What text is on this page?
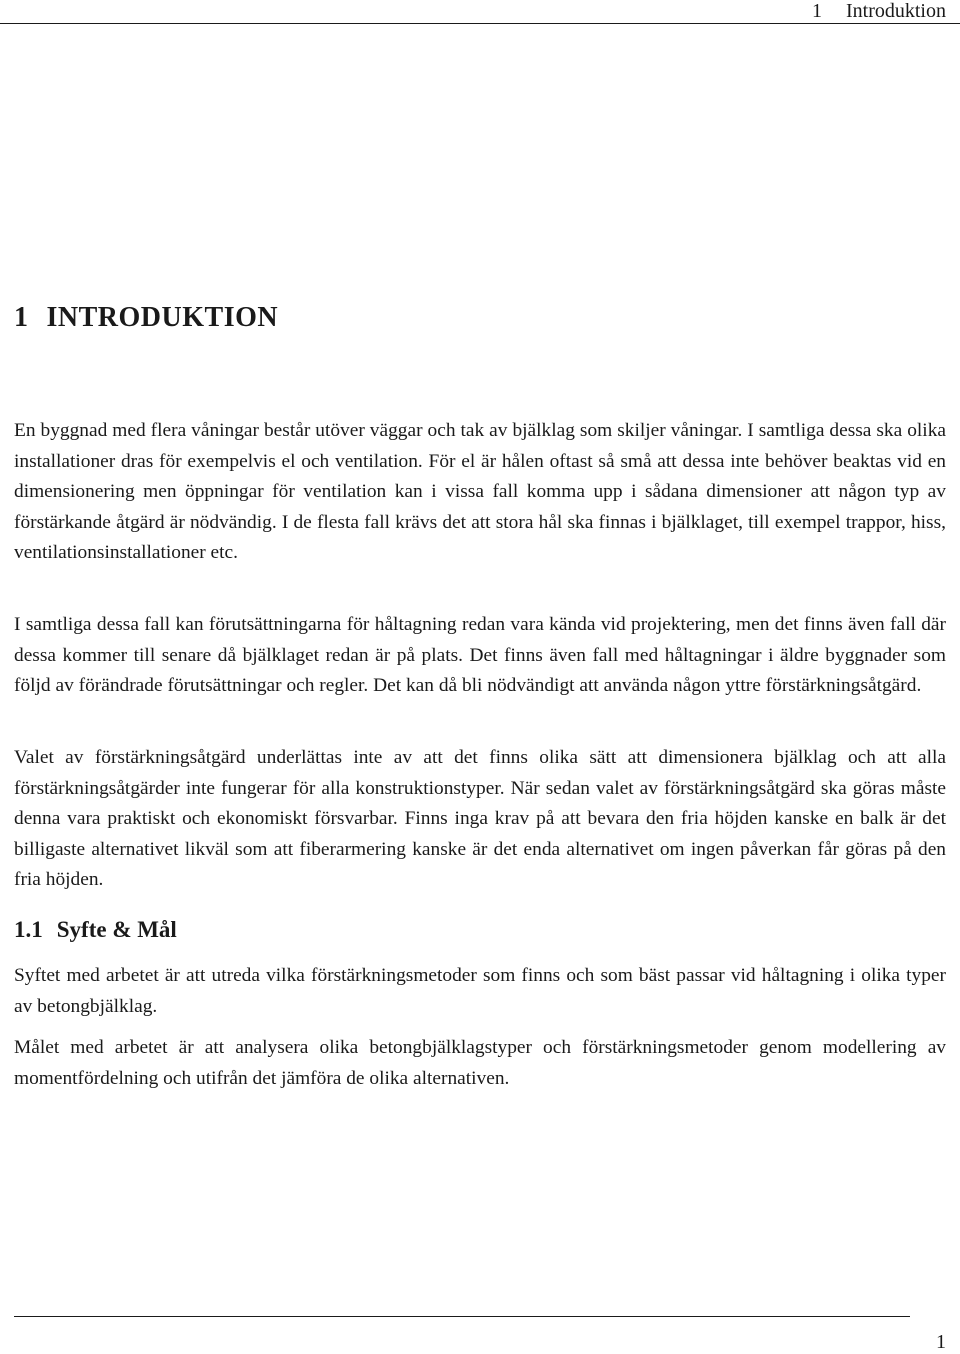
1 Introduktion
1 INTRODUKTION

En byggnad med flera våningar består utöver väggar och tak av bjälklag som skiljer våningar. I samtliga dessa ska olika installationer dras för exempelvis el och ventilation. För el är hålen oftast så små att dessa inte behöver beaktas vid en dimensionering men öppningar för ventilation kan i vissa fall komma upp i sådana dimensioner att någon typ av förstärkande åtgärd är nödvändig. I de flesta fall krävs det att stora hål ska finnas i bjälklaget, till exempel trappor, hiss, ventilationsinstallationer etc.

I samtliga dessa fall kan förutsättningarna för håltagning redan vara kända vid projektering, men det finns även fall där dessa kommer till senare då bjälklaget redan är på plats. Det finns även fall med håltagningar i äldre byggnader som följd av förändrade förutsättningar och regler. Det kan då bli nödvändigt att använda någon yttre förstärkningsåtgärd.

Valet av förstärkningsåtgärd underlättas inte av att det finns olika sätt att dimensionera bjälklag och att alla förstärkningsåtgärder inte fungerar för alla konstruktionstyper. När sedan valet av förstärkningsåtgärd ska göras måste denna vara praktiskt och ekonomiskt försvarbar. Finns inga krav på att bevara den fria höjden kanske en balk är det billigaste alternativet likväl som att fiberarmering kanske är det enda alternativet om ingen påverkan får göras på den fria höjden.

1.1 Syfte & Mål

Syftet med arbetet är att utreda vilka förstärkningsmetoder som finns och som bäst passar vid håltagning i olika typer av betongbjälklag.

Målet med arbetet är att analysera olika betongbjälklagstyper och förstärkningsmetoder genom modellering av momentfördelning och utifrån det jämföra de olika alternativen.

1
